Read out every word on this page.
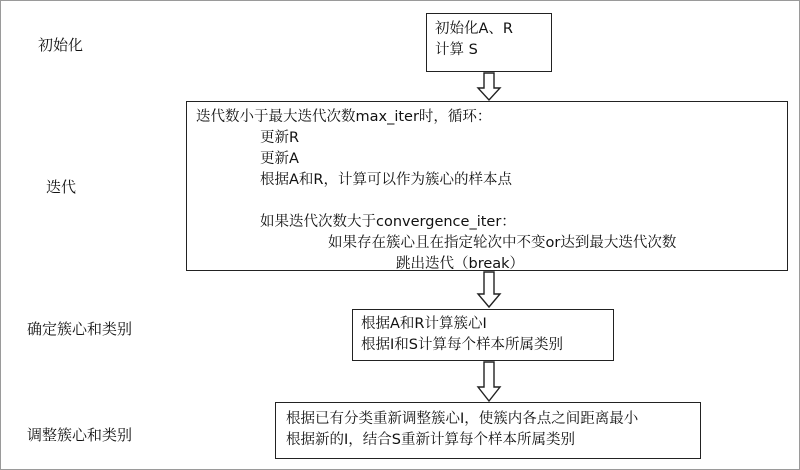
初始化
迭代
确定簇心和类别
调整簇心和类别
初始化A、R
计算 S
迭代数小于最大迭代次数max_iter时，循环：
更新R
更新A
根据A和R，计算可以作为簇心的样本点
如果迭代次数大于convergence_iter：
如果存在簇心且在指定轮次中不变or达到最大迭代次数
跳出迭代（break）
根据A和R计算簇心I
根据I和S计算每个样本所属类别
根据已有分类重新调整簇心I，使簇内各点之间距离最小
根据新的I，结合S重新计算每个样本所属类别
